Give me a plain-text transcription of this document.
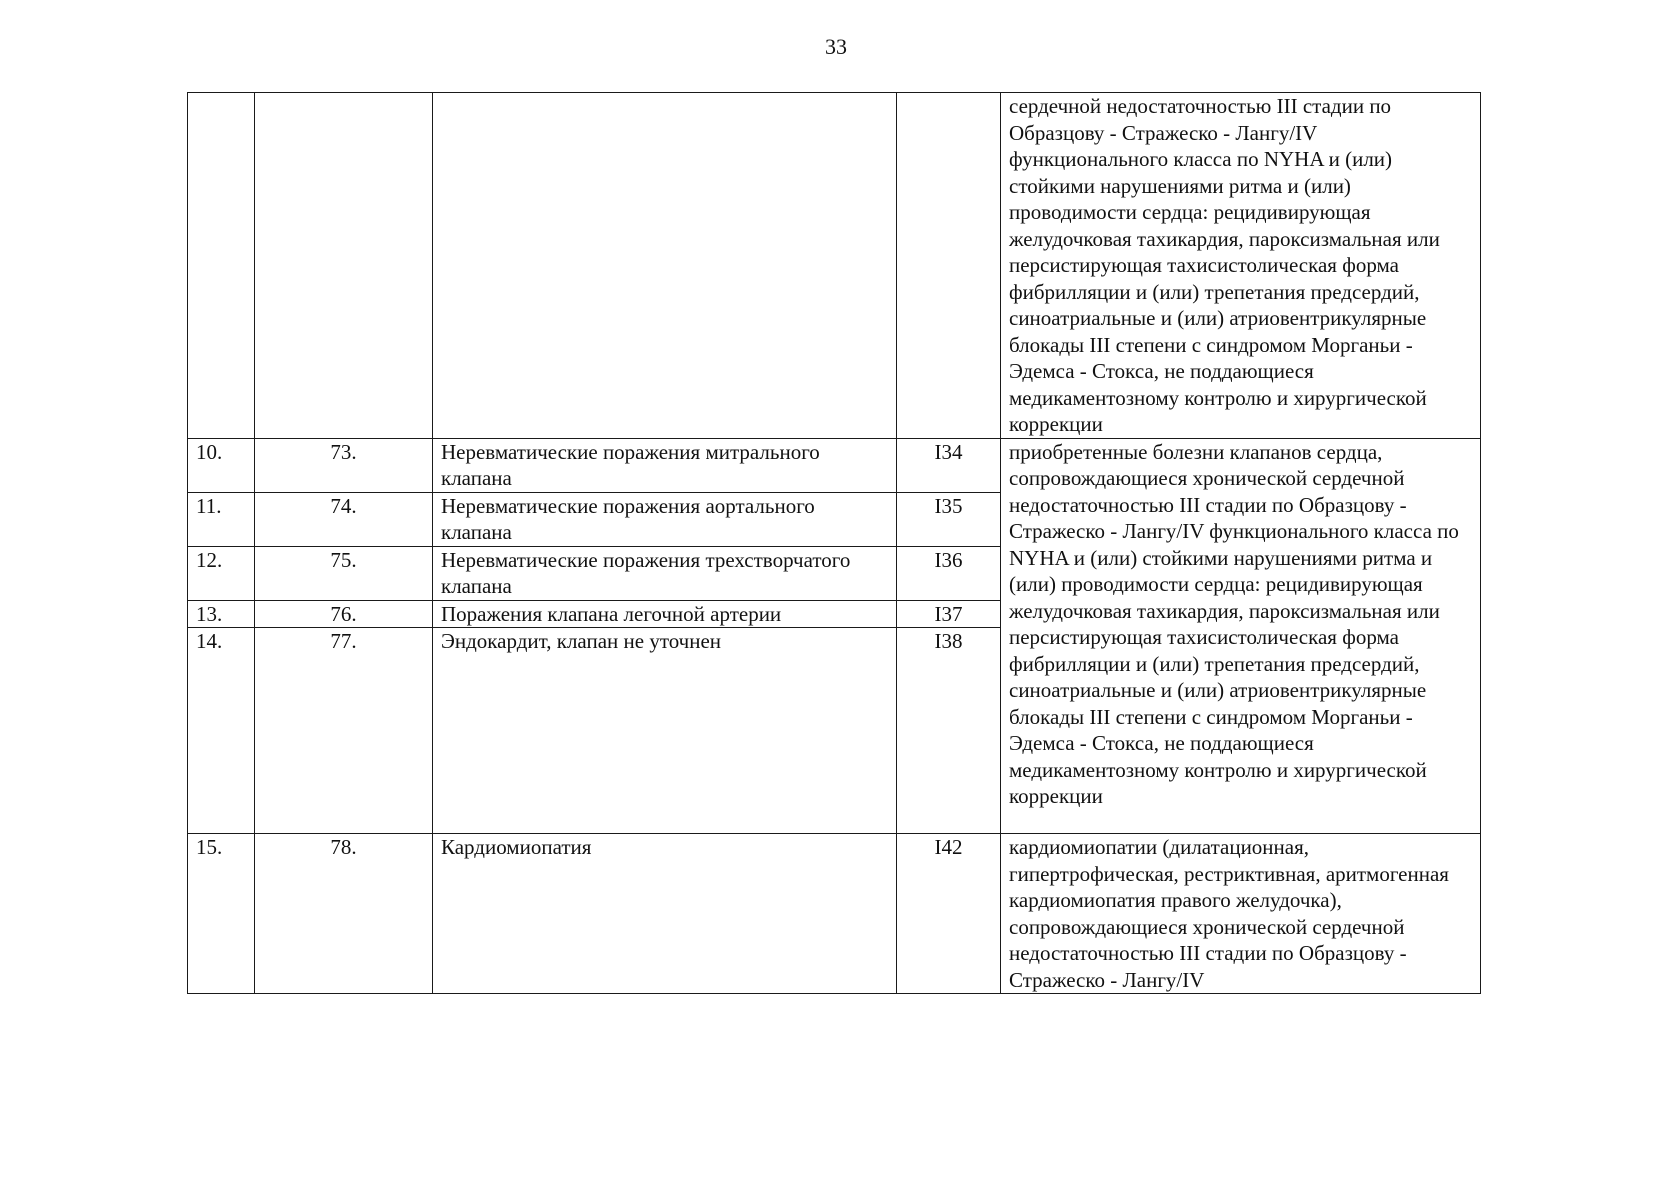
33
				сердечной недостаточностью III стадии по Образцову - Стражеско - Лангу/IV функционального класса по NYHA и (или) стойкими нарушениями ритма и (или) проводимости сердца: рецидивирующая желудочковая тахикардия, пароксизмальная или персистирующая тахисистолическая форма фибрилляции и (или) трепетания предсердий, синоатриальные и (или) атриовентрикулярные блокады III степени с синдромом Морганьи - Эдемса - Стокса, не поддающиеся медикаментозному контролю и хирургической коррекции
10.	73.	Неревматические поражения митрального клапана	I34	приобретенные болезни клапанов сердца, сопровождающиеся хронической сердечной недостаточностью III стадии по Образцову - Стражеско - Лангу/IV функционального класса по NYHA и (или) стойкими нарушениями ритма и (или) проводимости сердца: рецидивирующая желудочковая тахикардия, пароксизмальная или персистирующая тахисистолическая форма фибрилляции и (или) трепетания предсердий, синоатриальные и (или) атриовентрикулярные блокады III степени с синдромом Морганьи - Эдемса - Стокса, не поддающиеся медикаментозному контролю и хирургической коррекции
11.	74.	Неревматические поражения аортального клапана	I35	
12.	75.	Неревматические поражения трехстворчатого клапана	I36	
13.	76.	Поражения клапана легочной артерии	I37	
14.	77.	Эндокардит, клапан не уточнен	I38	
15.	78.	Кардиомиопатия	I42	кардиомиопатии (дилатационная, гипертрофическая, рестриктивная, аритмогенная кардиомиопатия правого желудочка), сопровождающиеся хронической сердечной недостаточностью III стадии по Образцову - Стражеско - Лангу/IV
